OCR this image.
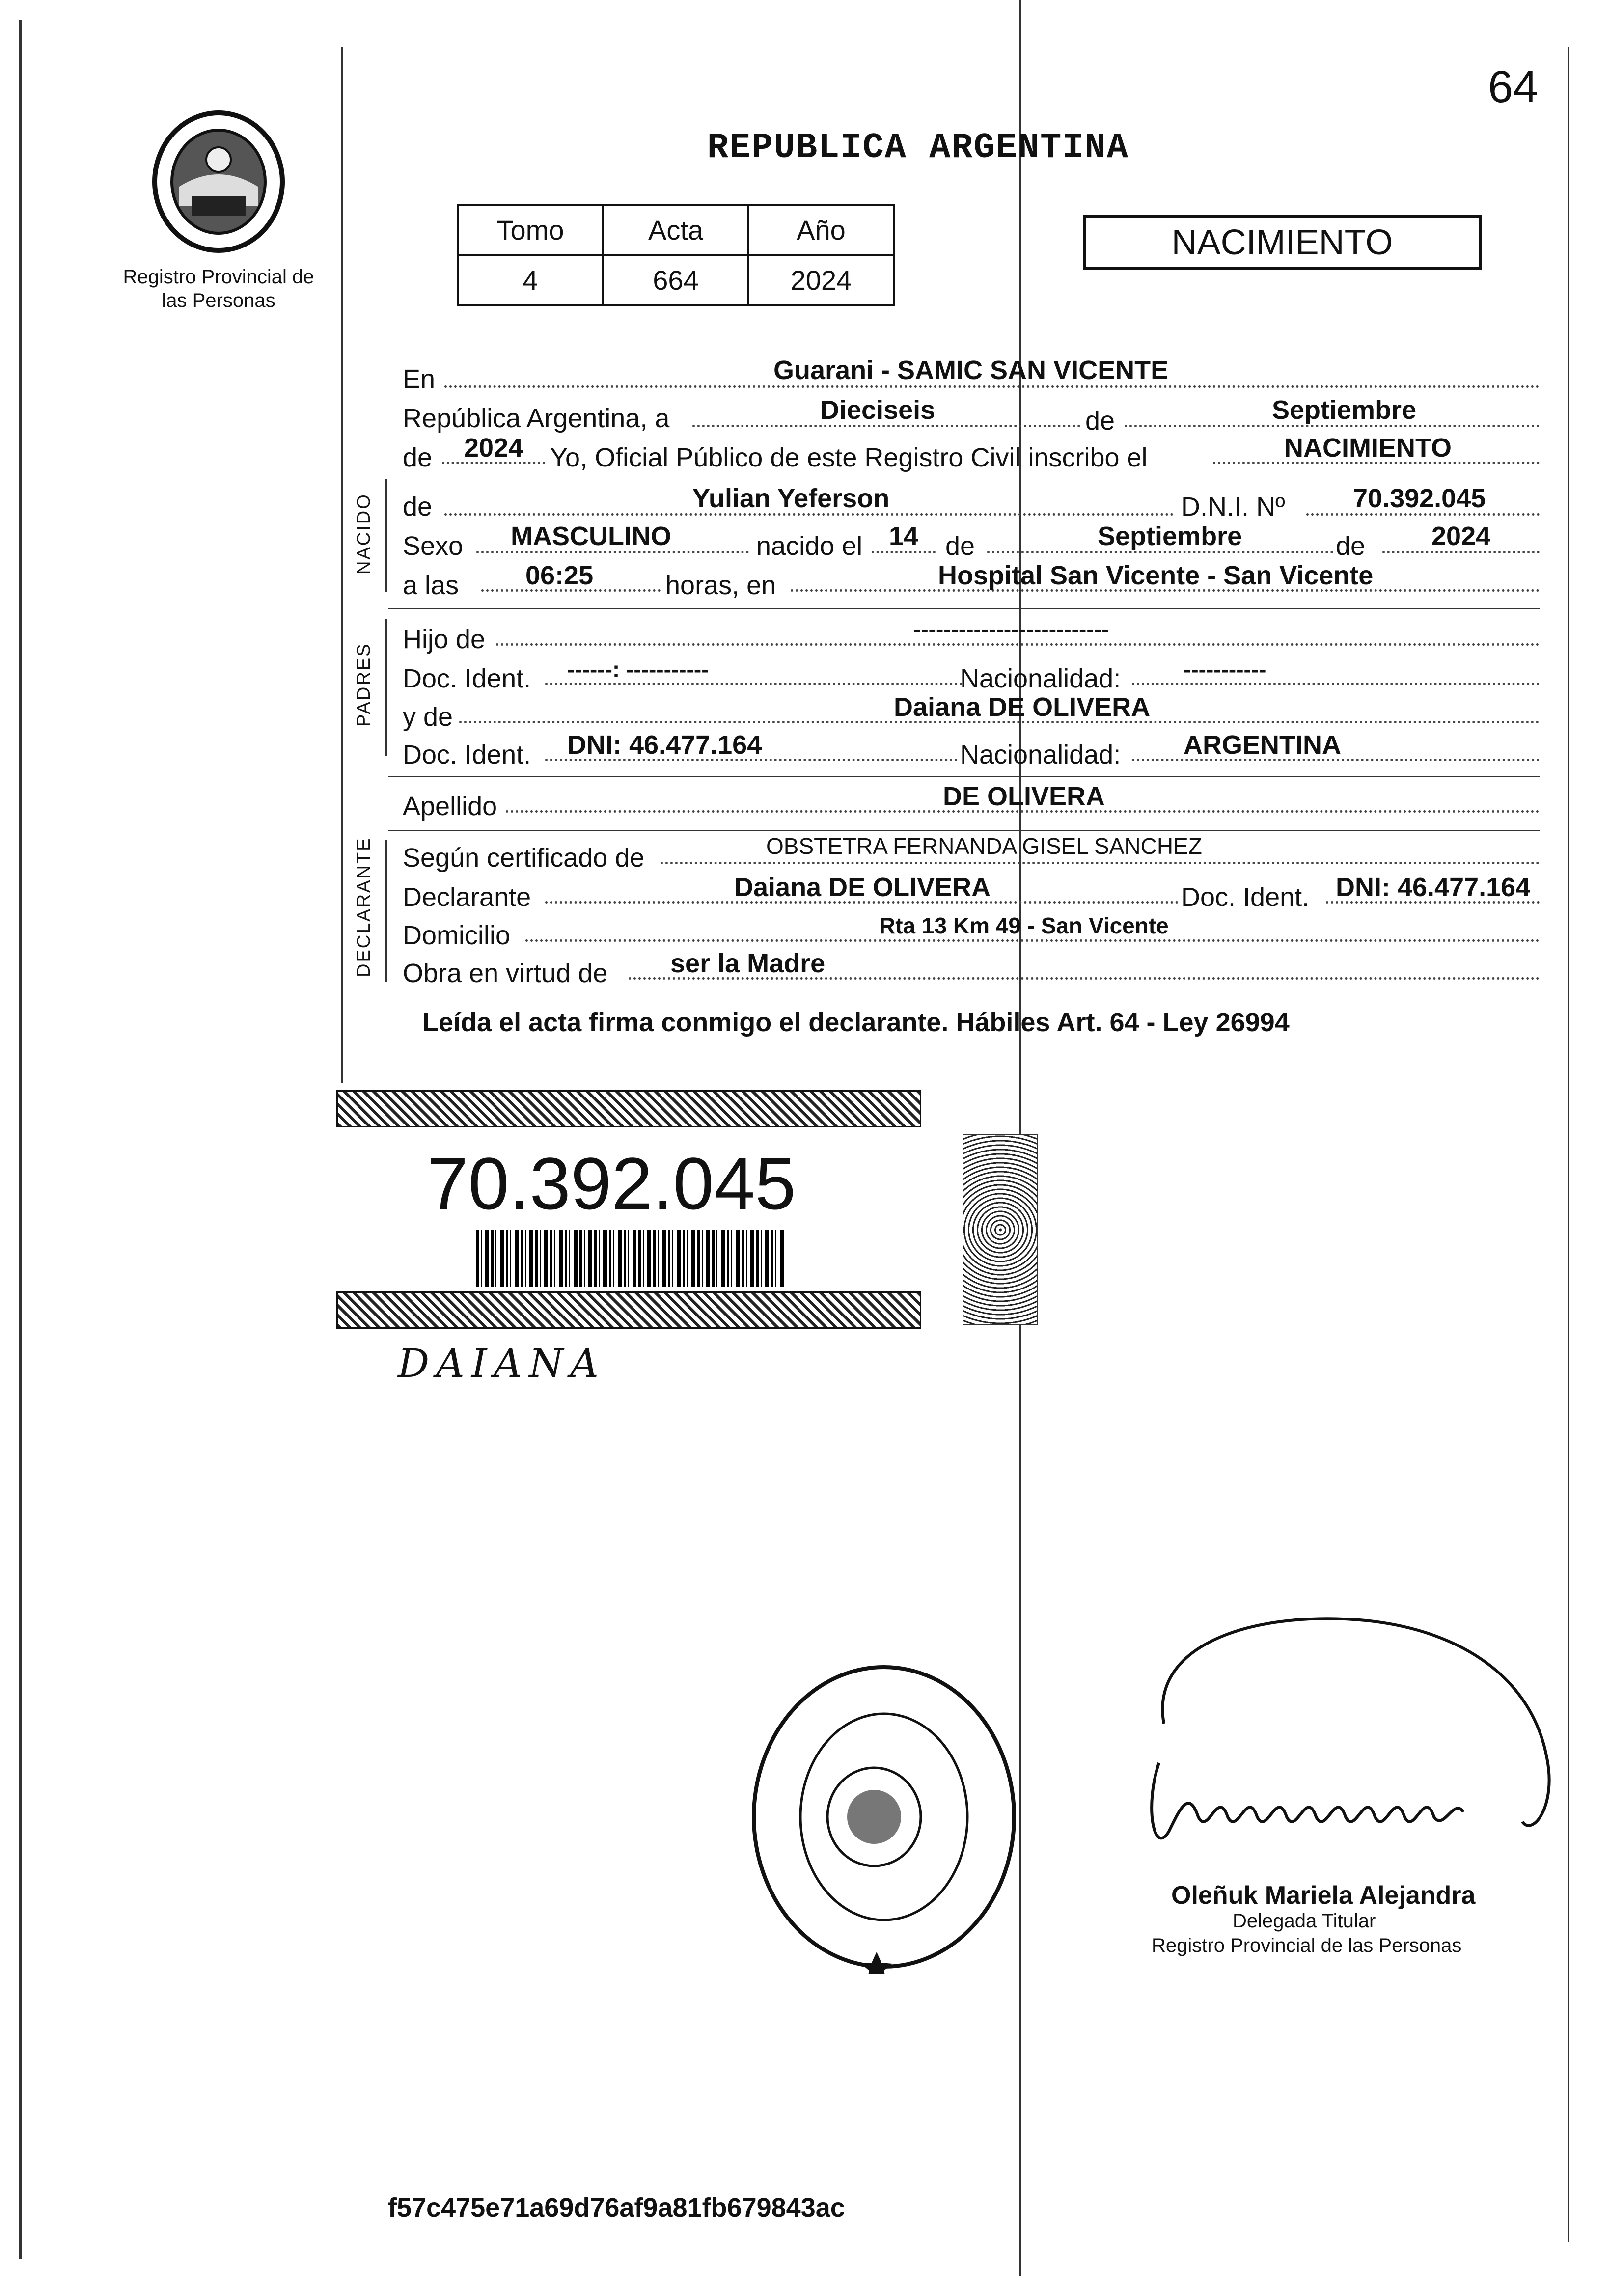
64
Registro Provincial de las Personas
REPUBLICA ARGENTINA
Tomo	Acta	Año
4	664	2024
NACIMIENTO
NACIDO
PADRES
DECLARANTE
En	Guarani - SAMIC SAN VICENTE
República Argentina, a	Dieciseis	de	Septiembre
de 2024 Yo, Oficial Público de este Registro Civil inscribo el	NACIMIENTO
de	Yulian Yeferson	D.N.I. Nº	70.392.045
Sexo MASCULINO	nacido el 14 de	Septiembre	de 2024
a las	06:25	horas, en	Hospital San Vicente - San Vicente
Hijo de	--------------------------
Doc. Ident. ------: -----------	Nacionalidad:	-----------
y de	Daiana DE OLIVERA
Doc. Ident. DNI: 46.477.164	Nacionalidad: ARGENTINA
Apellido	DE OLIVERA
Según certificado de	OBSTETRA FERNANDA GISEL SANCHEZ
Declarante	Daiana DE OLIVERA	Doc. Ident. DNI: 46.477.164
Domicilio	Rta 13 Km 49 - San Vicente
Obra en virtud de ser la Madre
Leída el acta firma conmigo el declarante. Hábiles Art. 64 - Ley 26994
70.392.045
DAIANA
Oleñuk Mariela Alejandra
Delegada Titular
Registro Provincial de las Personas
f57c475e71a69d76af9a81fb679843ac
